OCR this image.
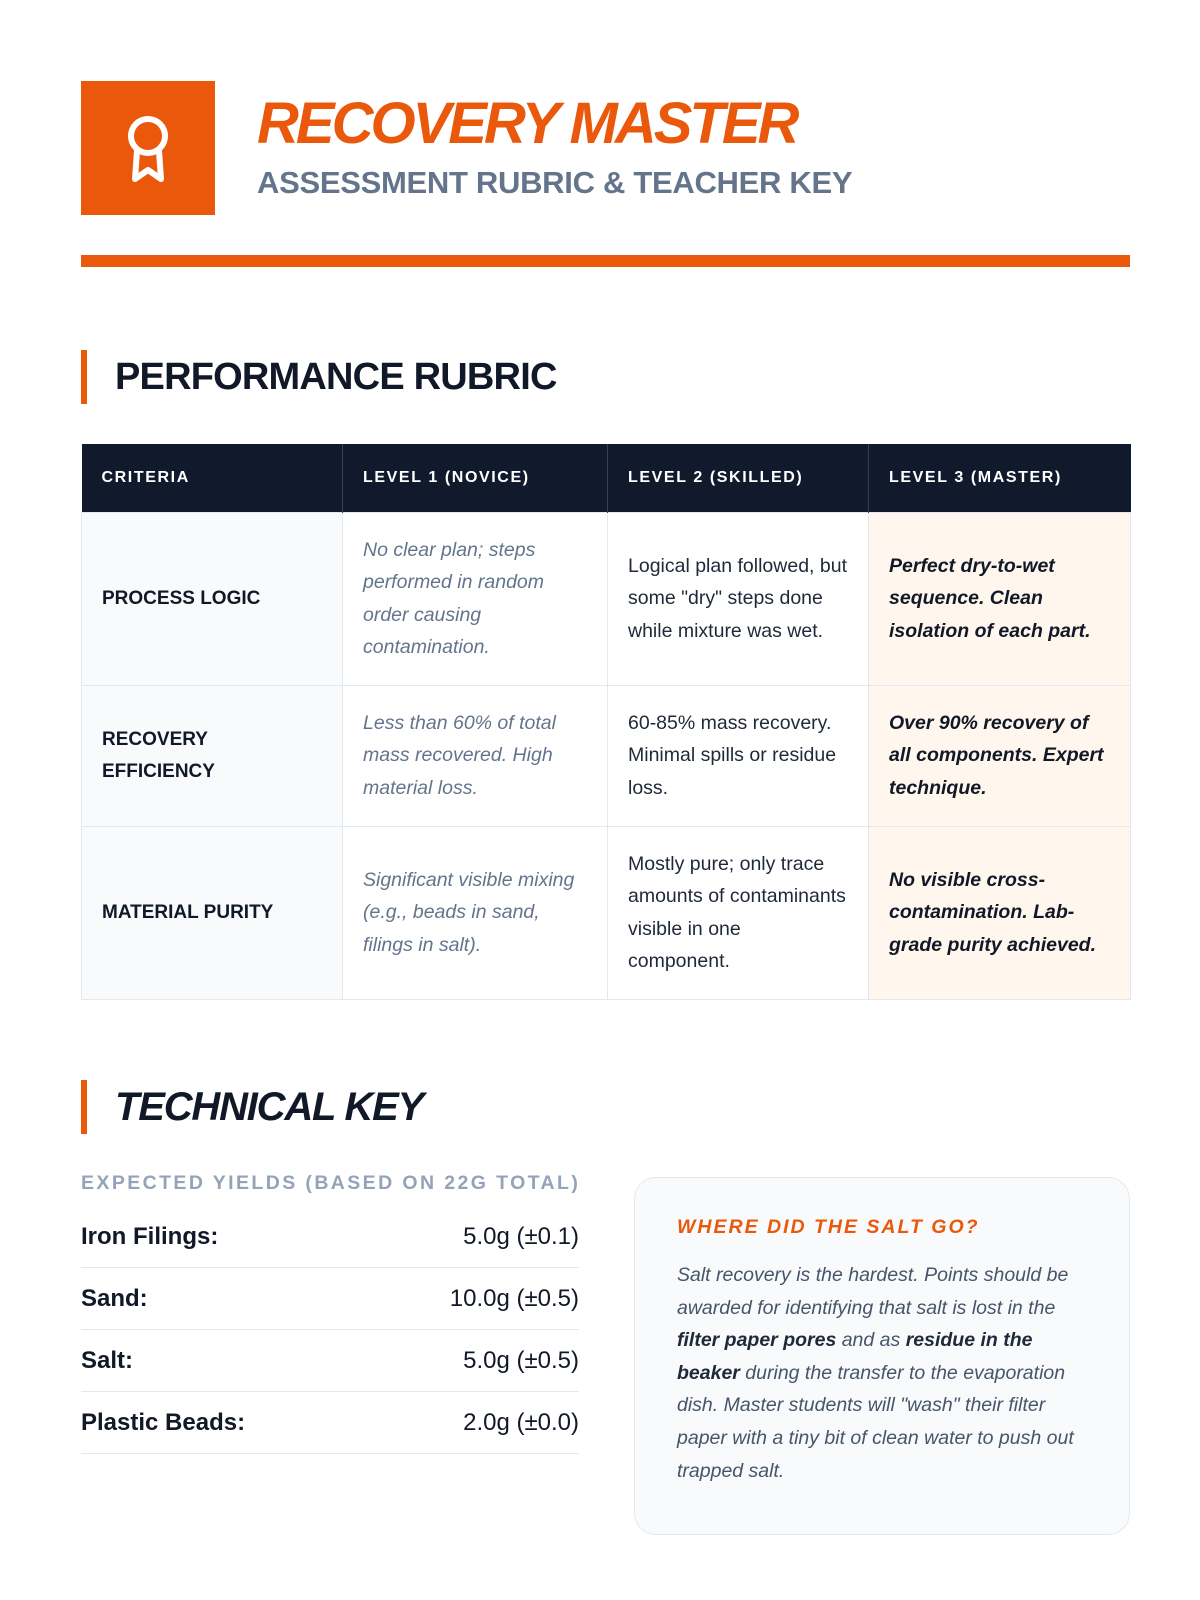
RECOVERY MASTER
ASSESSMENT RUBRIC & TEACHER KEY
PERFORMANCE RUBRIC
CRITERIA	LEVEL 1 (NOVICE)	LEVEL 2 (SKILLED)	LEVEL 3 (MASTER)
PROCESS LOGIC	No clear plan; steps performed in random order causing contamination.	Logical plan followed, but some "dry" steps done while mixture was wet.	Perfect dry-to-wet sequence. Clean isolation of each part.
RECOVERY EFFICIENCY	Less than 60% of total mass recovered. High material loss.	60-85% mass recovery. Minimal spills or residue loss.	Over 90% recovery of all components. Expert technique.
MATERIAL PURITY	Significant visible mixing (e.g., beads in sand, filings in salt).	Mostly pure; only trace amounts of contaminants visible in one component.	No visible cross-contamination. Lab-grade purity achieved.
TECHNICAL KEY
EXPECTED YIELDS (BASED ON 22G TOTAL)
Iron Filings:	5.0g (±0.1)
Sand:	10.0g (±0.5)
Salt:	5.0g (±0.5)
Plastic Beads:	2.0g (±0.0)
WHERE DID THE SALT GO?

Salt recovery is the hardest. Points should be awarded for identifying that salt is lost in the filter paper pores and as residue in the beaker during the transfer to the evaporation dish. Master students will "wash" their filter paper with a tiny bit of clean water to push out trapped salt.
